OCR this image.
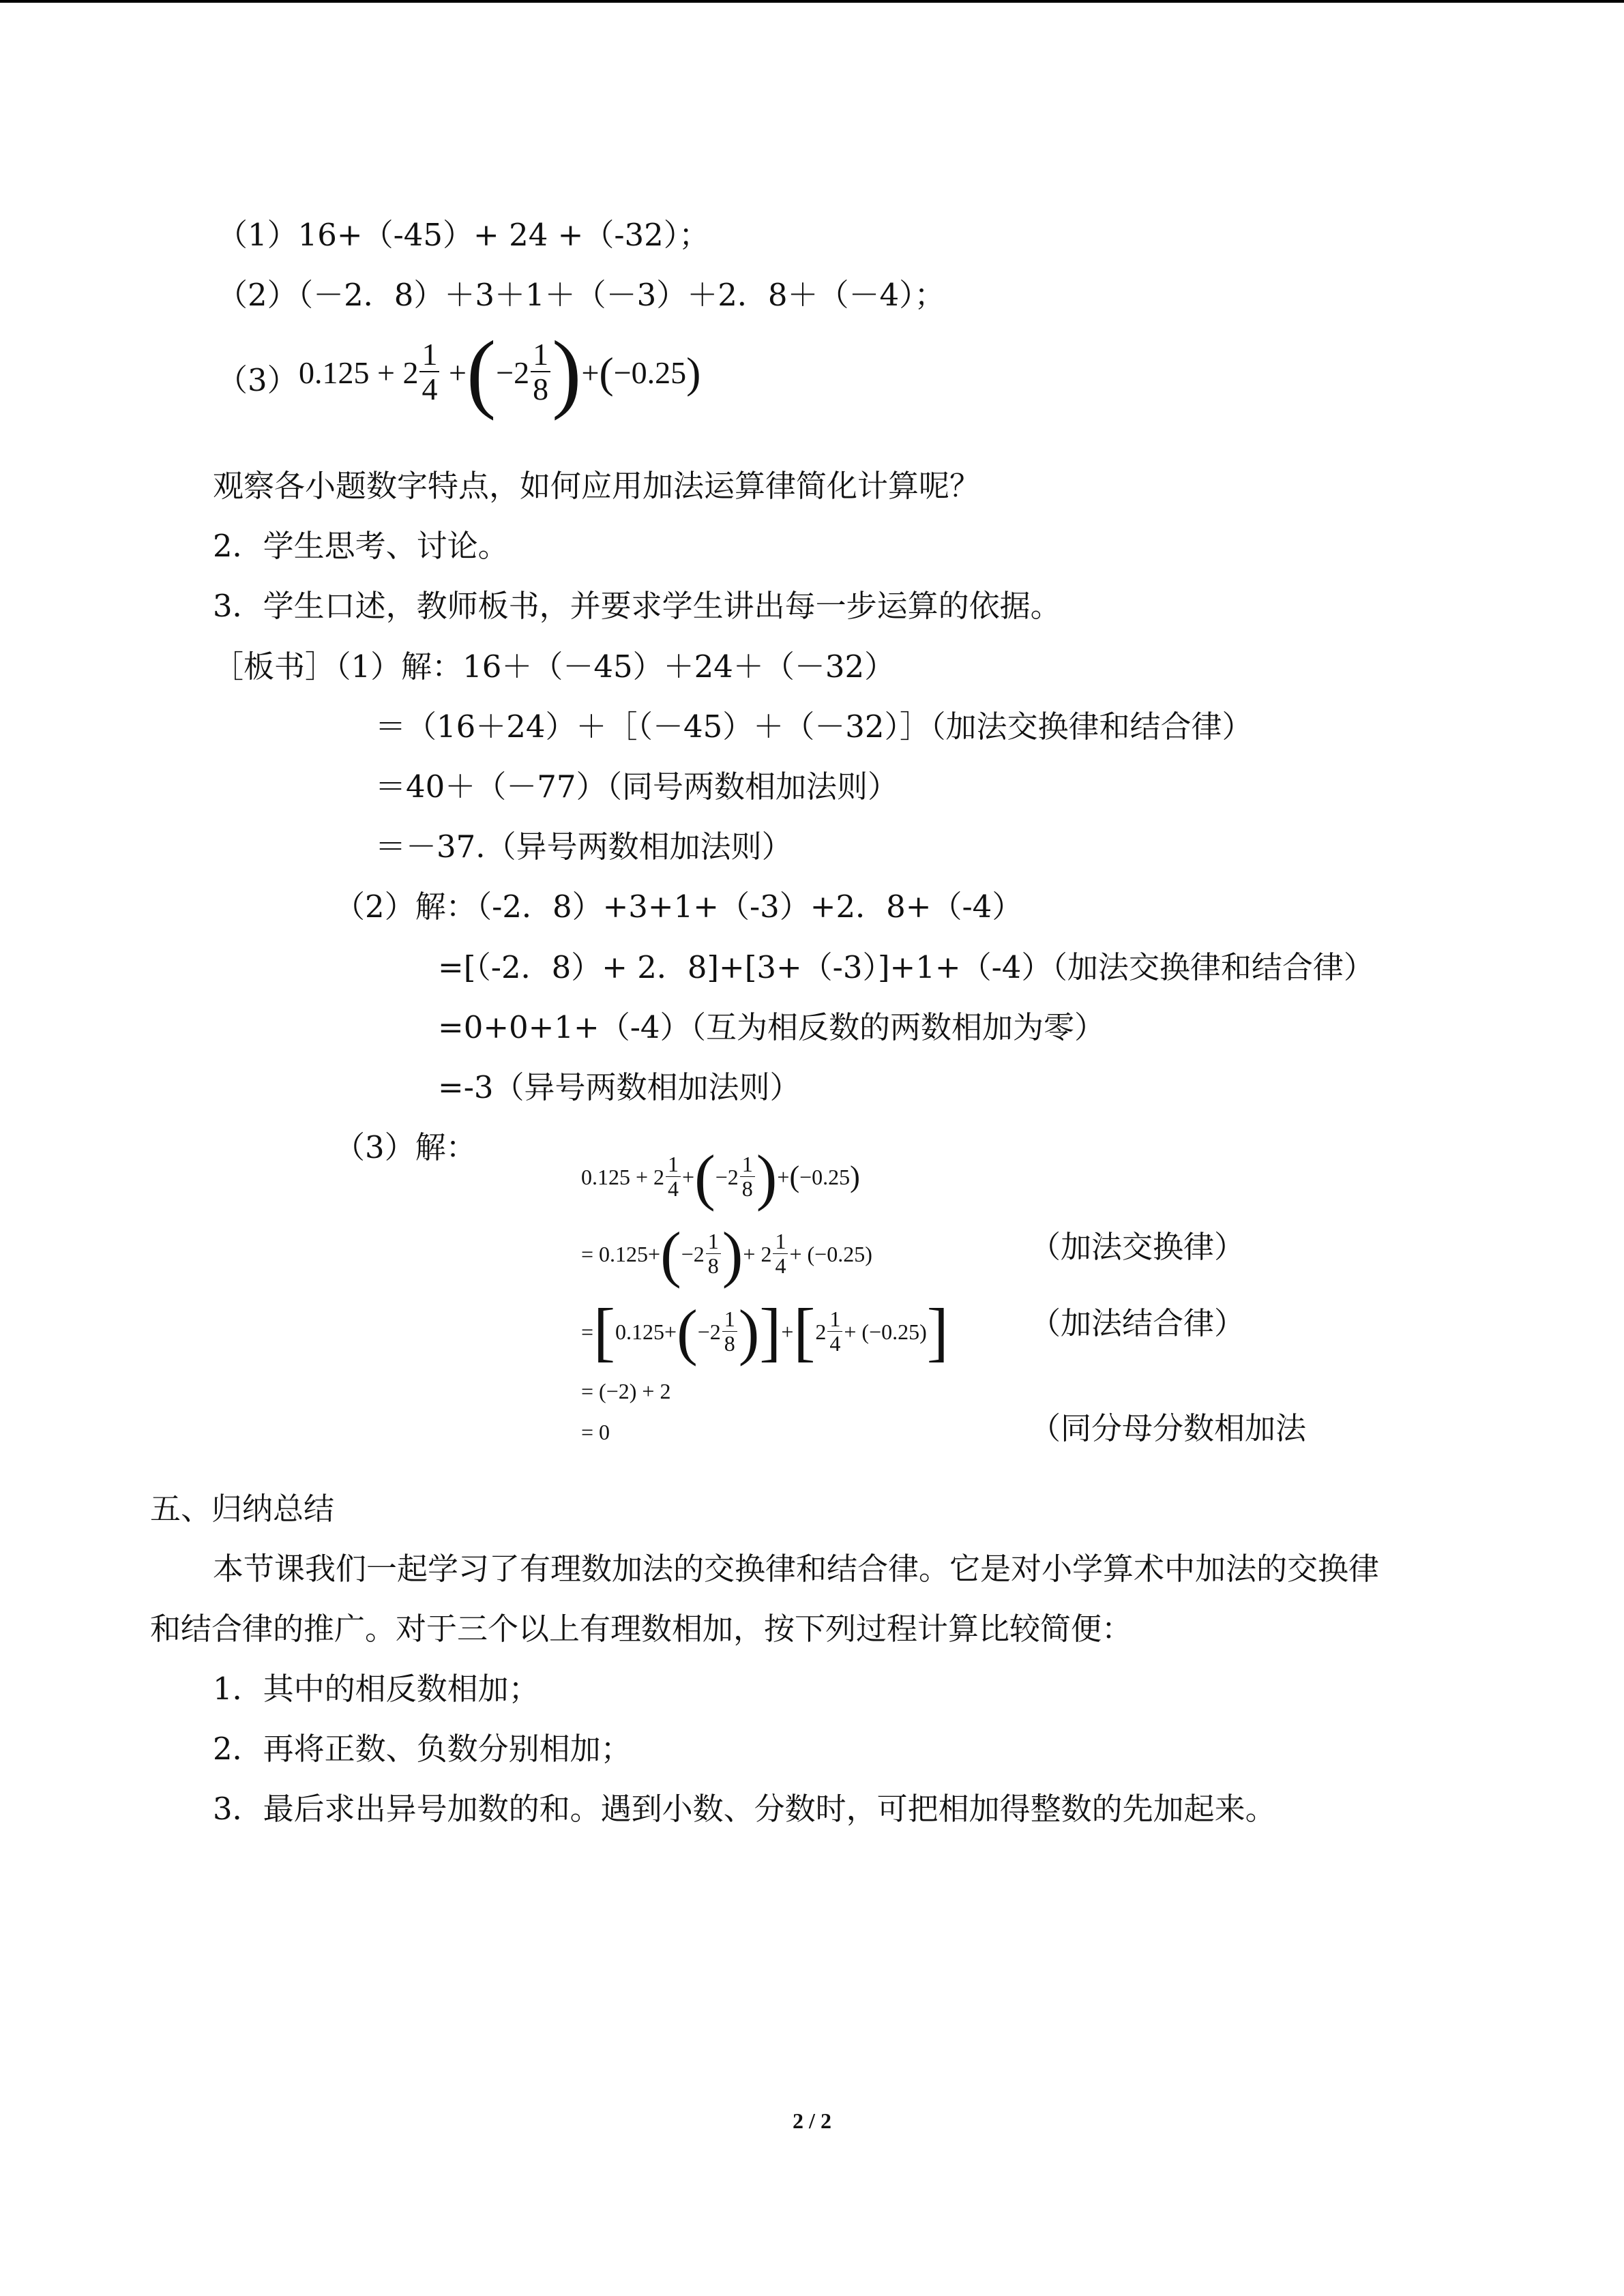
（1）16+（-45）+ 24 +（-32）；
（2）（－2．8）＋3＋1＋（－3）＋2．8＋（－4）；
（3） $0.125 + 2 \frac{1}{4}$ + ( $-2 \frac{1}{8}$ ) + ( −0.25 )
观察各小题数字特点，如何应用加法运算律简化计算呢？
2．学生思考、讨论。
3．学生口述，教师板书，并要求学生讲出每一步运算的依据。
［板书］（1）解：16＋（－45）＋24＋（－32）
＝（16＋24）＋［（－45）＋（－32）］（加法交换律和结合律）
＝40＋（－77）（同号两数相加法则）
＝－37.（异号两数相加法则）
（2）解：（-2．8）+3+1+（-3）+2．8+（-4）
=[（-2．8）+ 2．8]+[3+（-3）]+1+（-4）（加法交换律和结合律）
=0+0+1+（-4）（互为相反数的两数相加为零）
=-3（异号两数相加法则）
（3）解：
$0.125 + 2 \frac{1}{4}$ + ( $-2 \frac{1}{8}$ ) + ( −0.25 )
= 0.125 + ( $-2 \frac{1}{8}$ ) + $2 \frac{1}{4}$ + ( −0.25 )	（加法交换律）
= [ 0.125 + ( $-2 \frac{1}{8}$ ) ] + [ $2 \frac{1}{4}$ + ( −0.25 ) ]	（加法结合律）
= (−2) + 2
= 0	（同分母分数相加法
五、归纳总结
本节课我们一起学习了有理数加法的交换律和结合律。它是对小学算术中加法的交换律
和结合律的推广。对于三个以上有理数相加，按下列过程计算比较简便：
1．其中的相反数相加；
2．再将正数、负数分别相加；
3．最后求出异号加数的和。遇到小数、分数时，可把相加得整数的先加起来。
2 / 2
